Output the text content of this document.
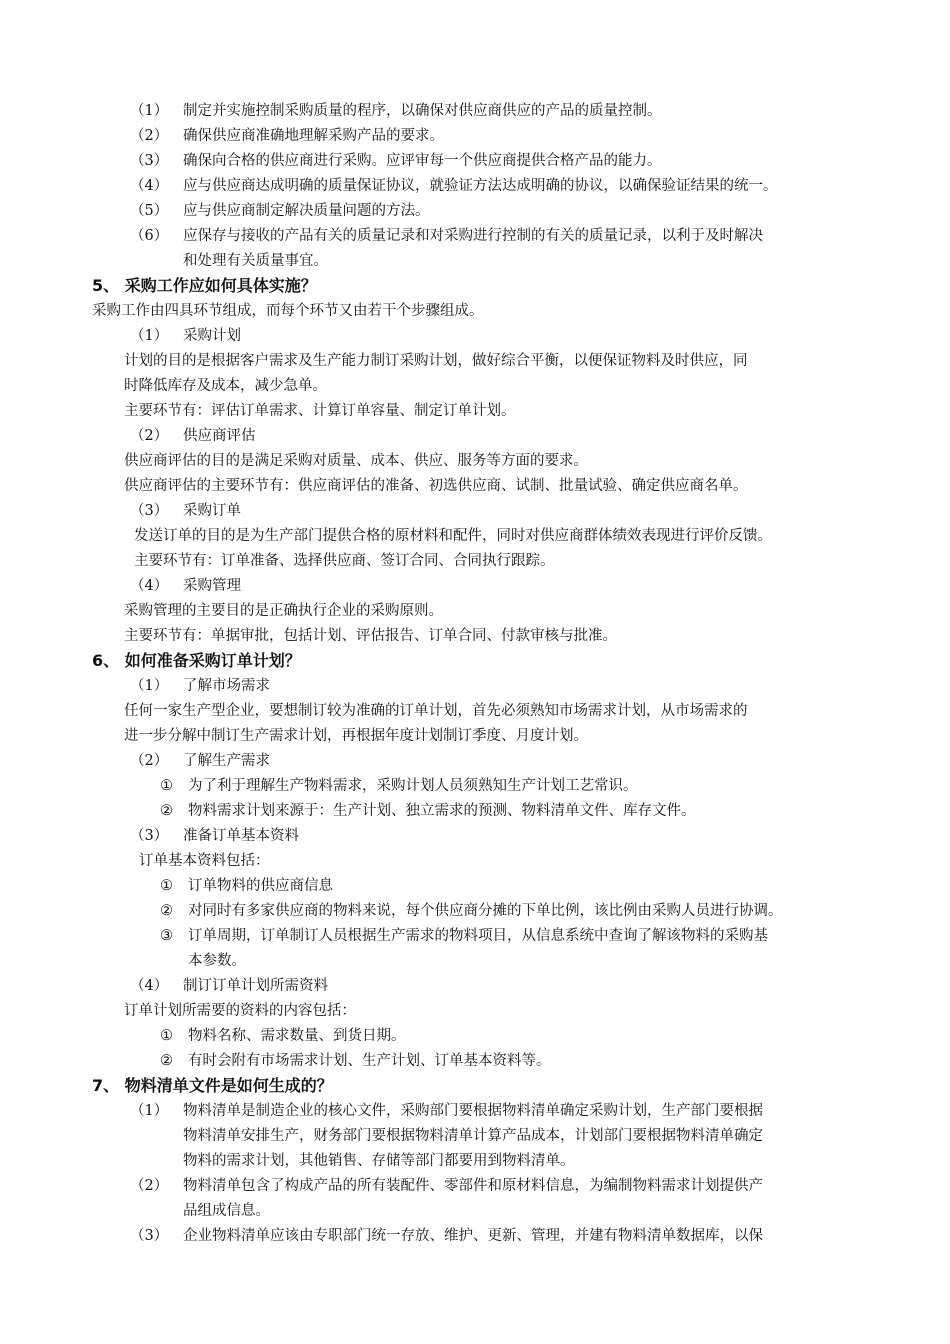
（1） 制定并实施控制采购质量的程序，以确保对供应商供应的产品的质量控制。
（2） 确保供应商准确地理解采购产品的要求。
（3） 确保向合格的供应商进行采购。应评审每一个供应商提供合格产品的能力。
（4） 应与供应商达成明确的质量保证协议，就验证方法达成明确的协议，以确保验证结果的统一。
（5） 应与供应商制定解决质量问题的方法。
（6） 应保存与接收的产品有关的质量记录和对采购进行控制的有关的质量记录，以利于及时解决
和处理有关质量事宜。
5、 采购工作应如何具体实施？
采购工作由四具环节组成，而每个环节又由若干个步骤组成。
（1） 采购计划
计划的目的是根据客户需求及生产能力制订采购计划，做好综合平衡，以便保证物料及时供应，同
时降低库存及成本，减少急单。
主要环节有：评估订单需求、计算订单容量、制定订单计划。
（2） 供应商评估
供应商评估的目的是满足采购对质量、成本、供应、服务等方面的要求。
供应商评估的主要环节有：供应商评估的准备、初选供应商、试制、批量试验、确定供应商名单。
（3） 采购订单
发送订单的目的是为生产部门提供合格的原材料和配件，同时对供应商群体绩效表现进行评价反馈。
主要环节有：订单准备、选择供应商、签订合同、合同执行跟踪。
（4） 采购管理
采购管理的主要目的是正确执行企业的采购原则。
主要环节有：单据审批，包括计划、评估报告、订单合同、付款审核与批准。
6、 如何准备采购订单计划？
（1） 了解市场需求
任何一家生产型企业，要想制订较为准确的订单计划，首先必须熟知市场需求计划，从市场需求的
进一步分解中制订生产需求计划，再根据年度计划制订季度、月度计划。
（2） 了解生产需求
① 为了利于理解生产物料需求，采购计划人员须熟知生产计划工艺常识。
② 物料需求计划来源于：生产计划、独立需求的预测、物料清单文件、库存文件。
（3） 准备订单基本资料
订单基本资料包括：
① 订单物料的供应商信息
② 对同时有多家供应商的物料来说，每个供应商分摊的下单比例，该比例由采购人员进行协调。
③ 订单周期，订单制订人员根据生产需求的物料项目，从信息系统中查询了解该物料的采购基
本参数。
（4） 制订订单计划所需资料
订单计划所需要的资料的内容包括：
① 物料名称、需求数量、到货日期。
② 有时会附有市场需求计划、生产计划、订单基本资料等。
7、 物料清单文件是如何生成的？
（1） 物料清单是制造企业的核心文件，采购部门要根据物料清单确定采购计划，生产部门要根据
物料清单安排生产，财务部门要根据物料清单计算产品成本，计划部门要根据物料清单确定
物料的需求计划，其他销售、存储等部门都要用到物料清单。
（2） 物料清单包含了构成产品的所有装配件、零部件和原材料信息，为编制物料需求计划提供产
品组成信息。
（3） 企业物料清单应该由专职部门统一存放、维护、更新、管理，并建有物料清单数据库，以保
